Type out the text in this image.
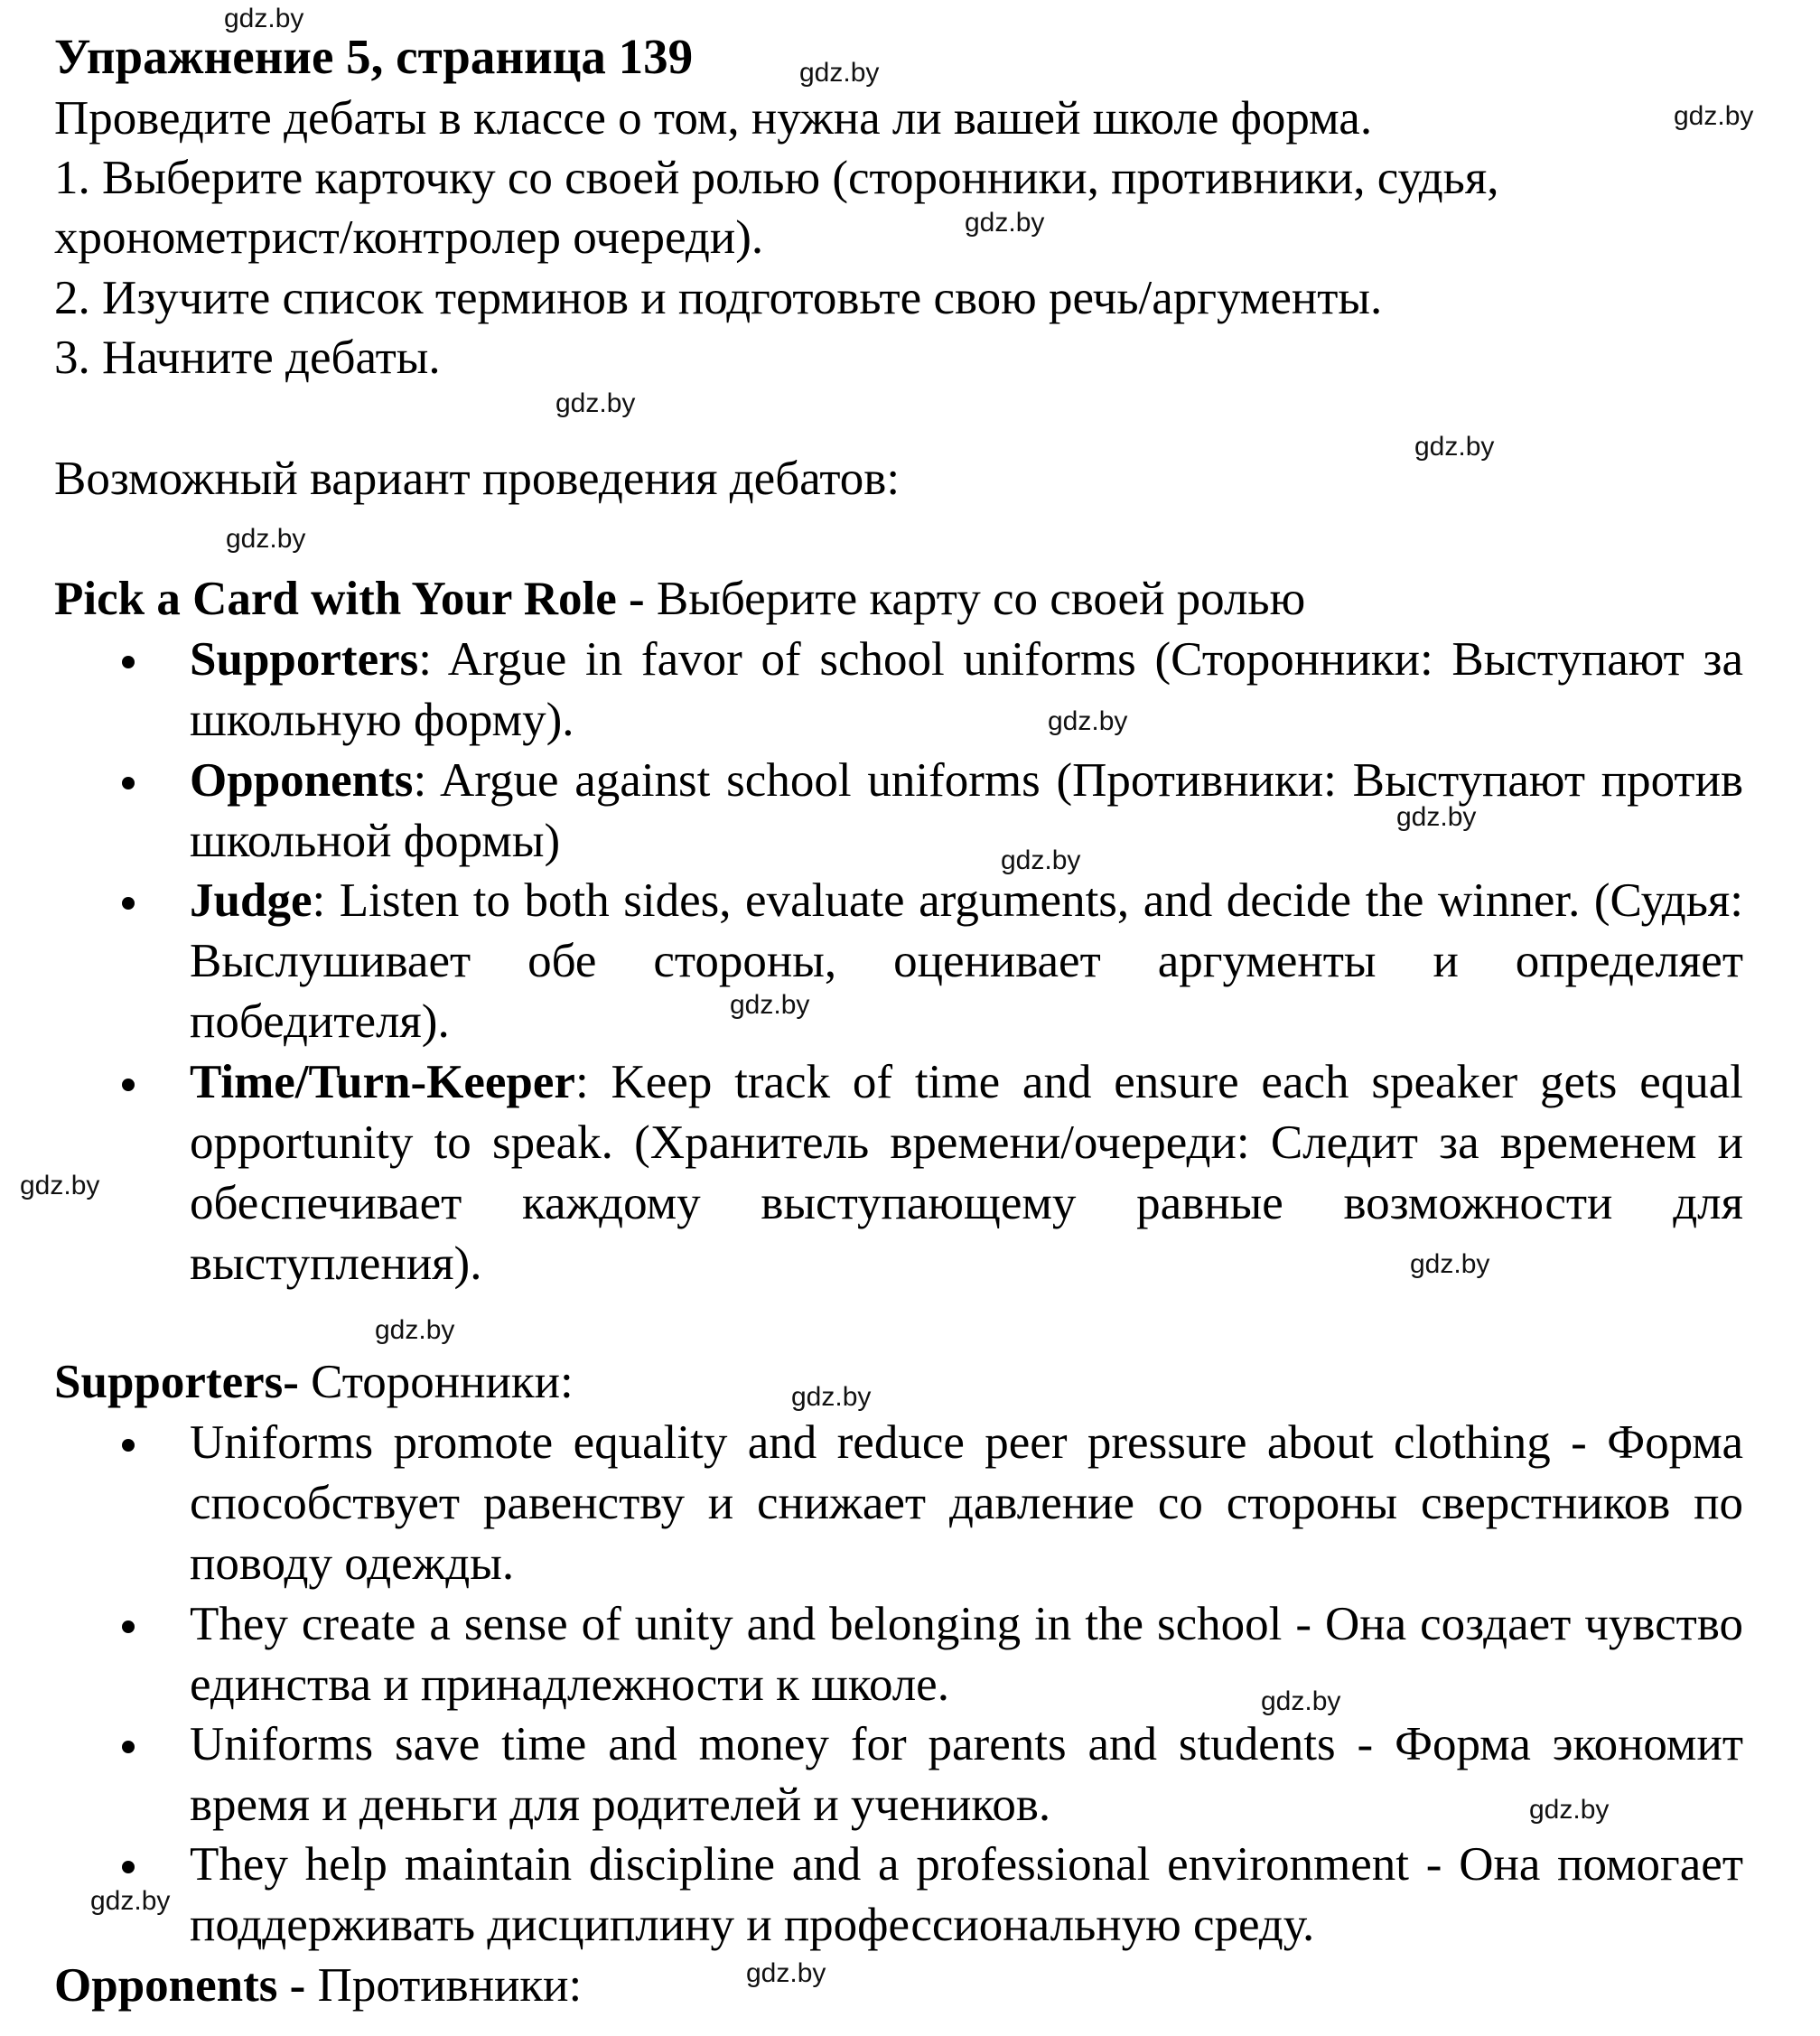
Упражнение 5, страница 139
Проведите дебаты в классе о том, нужна ли вашей школе форма.
1. Выберите карточку со своей ролью (сторонники, противники, судья,
хронометрист/контролер очереди).
2. Изучите список терминов и подготовьте свою речь/аргументы.
3. Начните дебаты.
Возможный вариант проведения дебатов:
Pick a Card with Your Role - Выберите карту со своей ролью
Supporters: Argue in favor of school uniforms (Сторонники: Выступают за школьную форму).
Opponents: Argue against school uniforms (Противники: Выступают против школьной формы)
Judge: Listen to both sides, evaluate arguments, and decide the winner. (Судья: Выслушивает обе стороны, оценивает аргументы и определяет победителя).
Time/Turn-Keeper: Keep track of time and ensure each speaker gets equal opportunity to speak. (Хранитель времени/очереди: Следит за временем и обеспечивает каждому выступающему равные возможности для выступления).
Supporters- Сторонники:
Uniforms promote equality and reduce peer pressure about clothing - Форма способствует равенству и снижает давление со стороны сверстников по поводу одежды.
They create a sense of unity and belonging in the school - Она создает чувство единства и принадлежности к школе.
Uniforms save time and money for parents and students - Форма экономит время и деньги для родителей и учеников.
They help maintain discipline and a professional environment - Она помогает поддерживать дисциплину и профессиональную среду.
Opponents - Противники:
gdz.by
gdz.by
gdz.by
gdz.by
gdz.by
gdz.by
gdz.by
gdz.by
gdz.by
gdz.by
gdz.by
gdz.by
gdz.by
gdz.by
gdz.by
gdz.by
gdz.by
gdz.by
gdz.by
